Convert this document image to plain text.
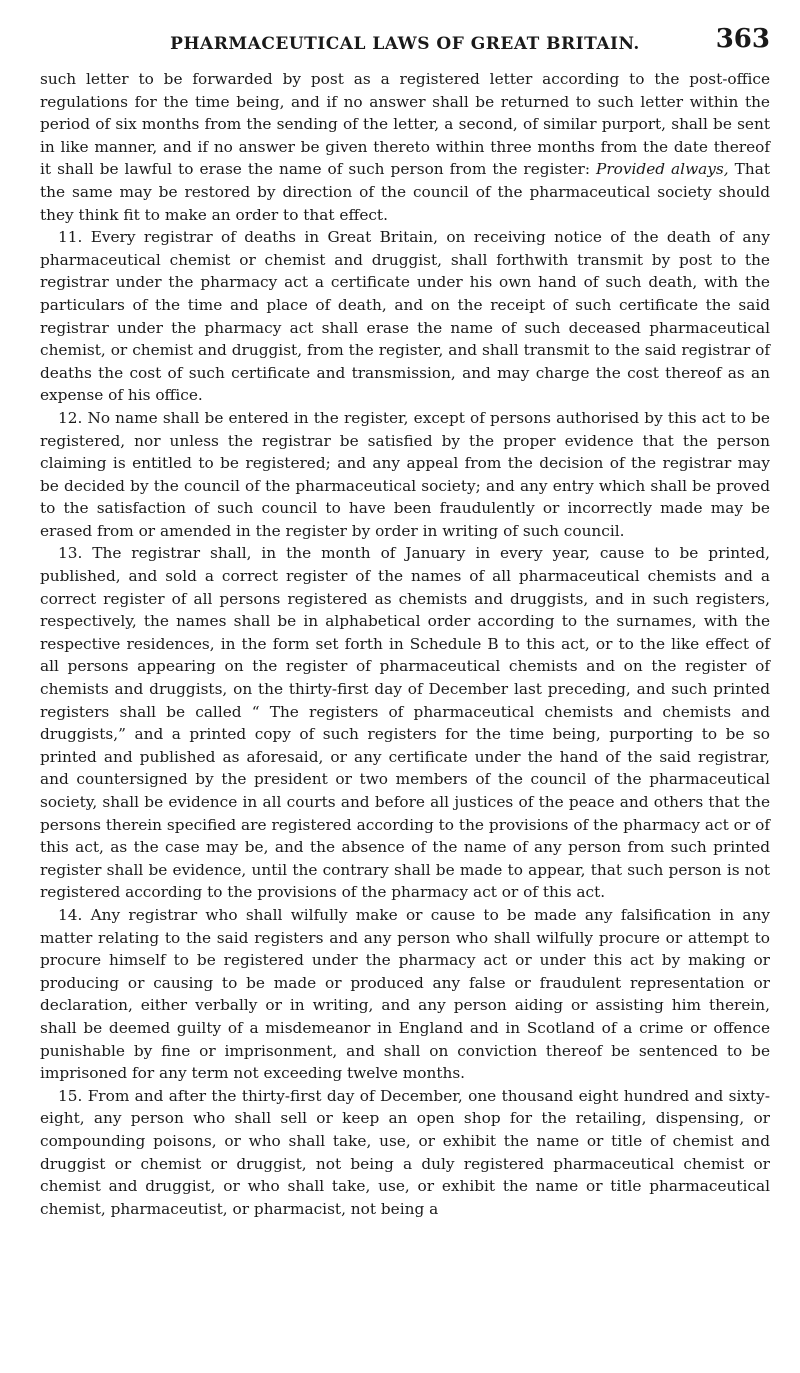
PHARMACEUTICAL LAWS OF GREAT BRITAIN.	363

such letter to be forwarded by post as a registered letter according to the post-office regulations for the time being, and if no answer shall be returned to such letter within the period of six months from the sending of the letter, a second, of similar purport, shall be sent in like manner, and if no answer be given thereto within three months from the date thereof it shall be lawful to erase the name of such person from the register: Provided always, That the same may be restored by direction of the council of the pharmaceutical society should they think fit to make an order to that effect.

11. Every registrar of deaths in Great Britain, on receiving notice of the death of any pharmaceutical chemist or chemist and druggist, shall forthwith transmit by post to the registrar under the pharmacy act a certificate under his own hand of such death, with the particulars of the time and place of death, and on the receipt of such certificate the said registrar under the pharmacy act shall erase the name of such deceased pharmaceutical chemist, or chemist and druggist, from the register, and shall transmit to the said registrar of deaths the cost of such certificate and transmission, and may charge the cost thereof as an expense of his office.

12. No name shall be entered in the register, except of persons authorised by this act to be registered, nor unless the registrar be satisfied by the proper evidence that the person claiming is entitled to be registered; and any appeal from the decision of the registrar may be decided by the council of the pharmaceutical society; and any entry which shall be proved to the satisfaction of such council to have been fraudulently or incorrectly made may be erased from or amended in the register by order in writing of such council.

13. The registrar shall, in the month of January in every year, cause to be printed, published, and sold a correct register of the names of all pharmaceutical chemists and a correct register of all persons registered as chemists and druggists, and in such registers, respectively, the names shall be in alphabetical order according to the surnames, with the respective residences, in the form set forth in Schedule B to this act, or to the like effect of all persons appearing on the register of pharmaceutical chemists and on the register of chemists and druggists, on the thirty-first day of December last preceding, and such printed registers shall be called “ The registers of pharmaceutical chemists and chemists and druggists,” and a printed copy of such registers for the time being, purporting to be so printed and published as aforesaid, or any certificate under the hand of the said registrar, and countersigned by the president or two members of the council of the pharmaceutical society, shall be evidence in all courts and before all justices of the peace and others that the persons therein specified are registered according to the provisions of the pharmacy act or of this act, as the case may be, and the absence of the name of any person from such printed register shall be evidence, until the contrary shall be made to appear, that such person is not registered according to the provisions of the pharmacy act or of this act.

14. Any registrar who shall wilfully make or cause to be made any falsification in any matter relating to the said registers and any person who shall wilfully procure or attempt to procure himself to be registered under the pharmacy act or under this act by making or producing or causing to be made or produced any false or fraudulent representation or declaration, either verbally or in writing, and any person aiding or assisting him therein, shall be deemed guilty of a misdemeanor in England and in Scotland of a crime or offence punishable by fine or imprisonment, and shall on conviction thereof be sentenced to be imprisoned for any term not exceeding twelve months.

15. From and after the thirty-first day of December, one thousand eight hundred and sixty-eight, any person who shall sell or keep an open shop for the retailing, dispensing, or compounding poisons, or who shall take, use, or exhibit the name or title of chemist and druggist or chemist or druggist, not being a duly registered pharmaceutical chemist or chemist and druggist, or who shall take, use, or exhibit the name or title pharmaceutical chemist, pharmaceutist, or pharmacist, not being a
